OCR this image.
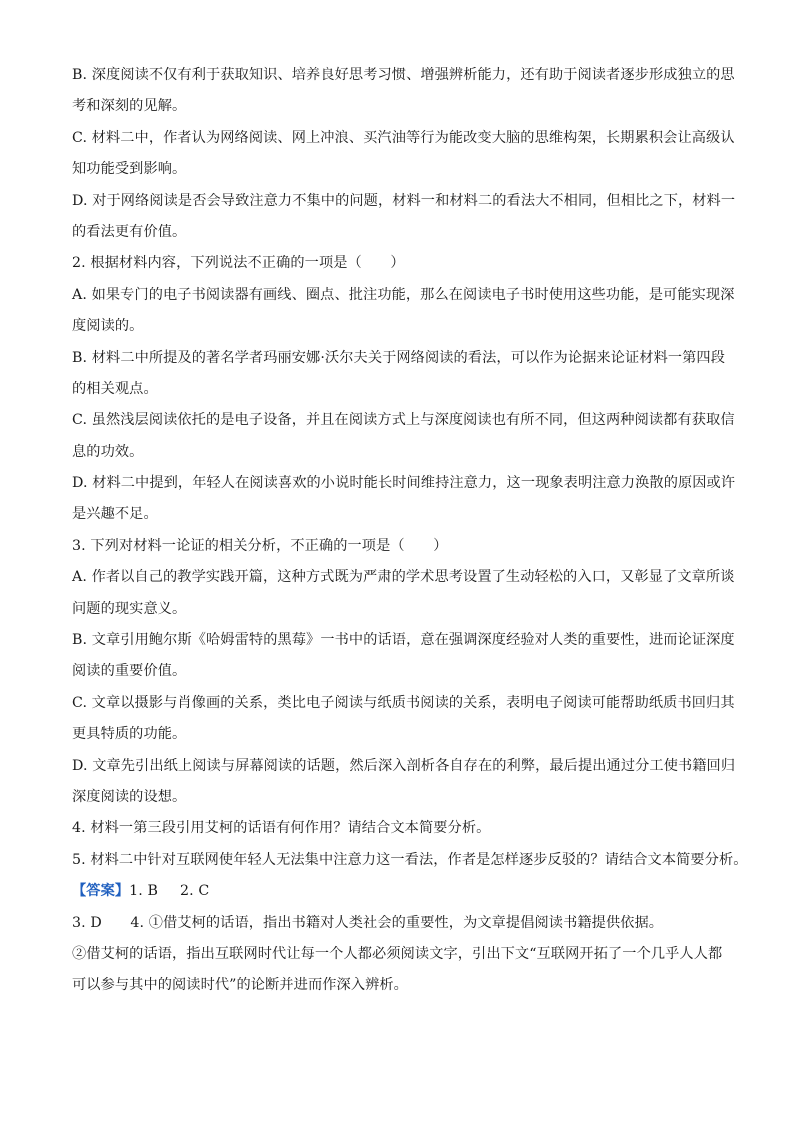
B. 深度阅读不仅有利于获取知识、培养良好思考习惯、增强辨析能力，还有助于阅读者逐步形成独立的思
考和深刻的见解。
C. 材料二中，作者认为网络阅读、网上冲浪、买汽油等行为能改变大脑的思维构架，长期累积会让高级认
知功能受到影响。
D. 对于网络阅读是否会导致注意力不集中的问题，材料一和材料二的看法大不相同，但相比之下，材料一
的看法更有价值。
2. 根据材料内容，下列说法不正确的一项是（　　）
A. 如果专门的电子书阅读器有画线、圈点、批注功能，那么在阅读电子书时使用这些功能，是可能实现深
度阅读的。
B. 材料二中所提及的著名学者玛丽安娜·沃尔夫关于网络阅读的看法，可以作为论据来论证材料一第四段
的相关观点。
C. 虽然浅层阅读依托的是电子设备，并且在阅读方式上与深度阅读也有所不同，但这两种阅读都有获取信
息的功效。
D. 材料二中提到，年轻人在阅读喜欢的小说时能长时间维持注意力，这一现象表明注意力涣散的原因或许
是兴趣不足。
3. 下列对材料一论证的相关分析，不正确的一项是（　　）
A. 作者以自己的教学实践开篇，这种方式既为严肃的学术思考设置了生动轻松的入口，又彰显了文章所谈
问题的现实意义。
B. 文章引用鲍尔斯《哈姆雷特的黑莓》一书中的话语，意在强调深度经验对人类的重要性，进而论证深度
阅读的重要价值。
C. 文章以摄影与肖像画的关系，类比电子阅读与纸质书阅读的关系，表明电子阅读可能帮助纸质书回归其
更具特质的功能。
D. 文章先引出纸上阅读与屏幕阅读的话题，然后深入剖析各自存在的利弊，最后提出通过分工使书籍回归
深度阅读的设想。
4. 材料一第三段引用艾柯的话语有何作用？请结合文本简要分析。
5. 材料二中针对互联网使年轻人无法集中注意力这一看法，作者是怎样逐步反驳的？请结合文本简要分析。
【答案】1. B 2. C
3. D　　4. ①借艾柯的话语，指出书籍对人类社会的重要性，为文章提倡阅读书籍提供依据。
②借艾柯的话语，指出互联网时代让每一个人都必须阅读文字，引出下文“互联网开拓了一个几乎人人都
可以参与其中的阅读时代”的论断并进而作深入辨析。
